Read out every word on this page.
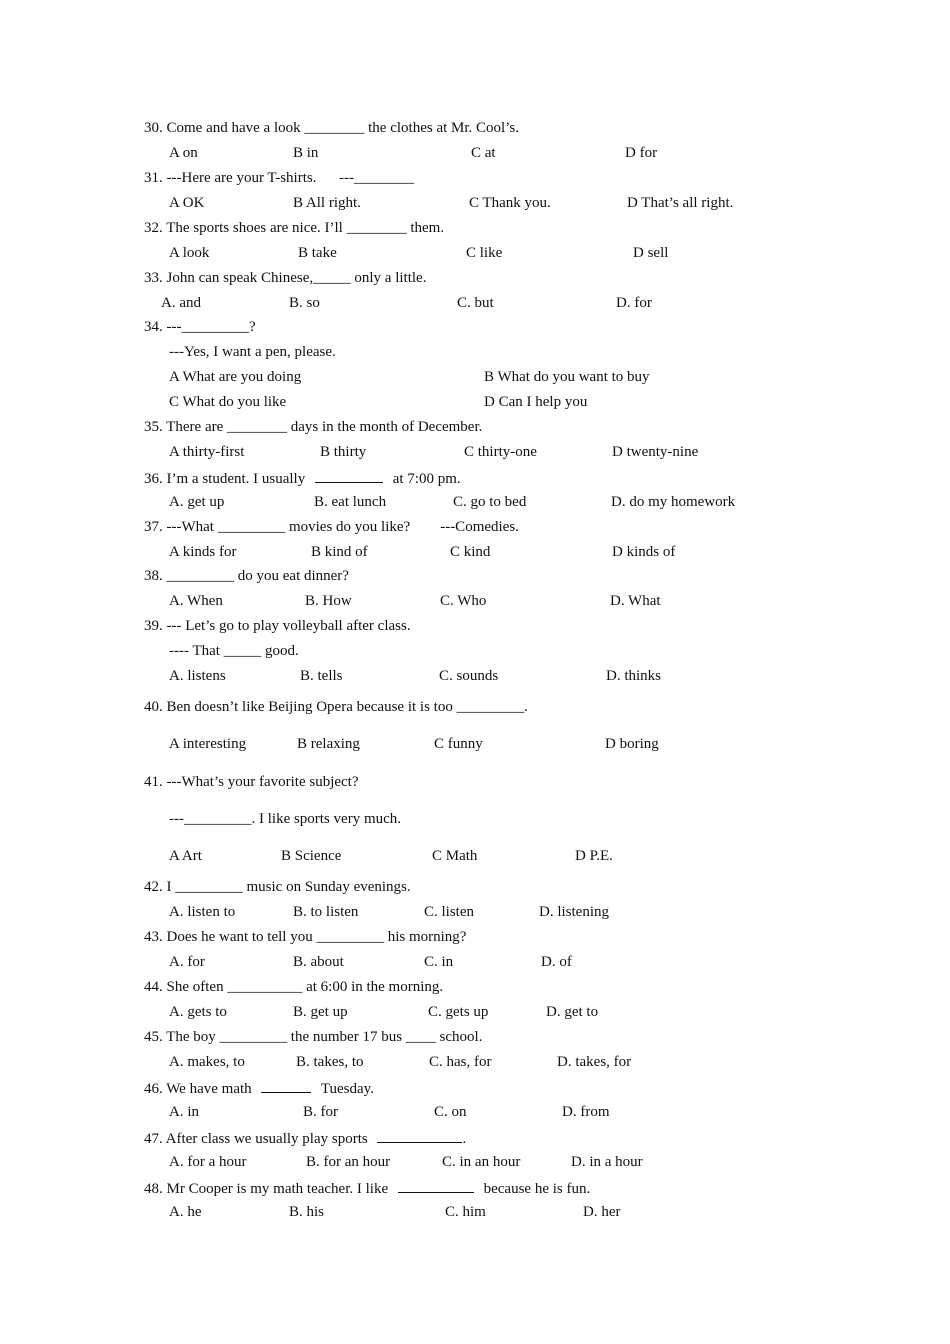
30. Come and have a look ________ the clothes at Mr. Cool’s.
A on	B in	C at	D for
31. ---Here are your T-shirts.      ---________
A OK	B All right.	C Thank you.	D That’s all right.
32. The sports shoes are nice. I’ll ________ them.
A look	B take	C like	D sell
33. John can speak Chinese,_____ only a little.
A. and	B. so	C. but	D. for
34. ---_________?
---Yes, I want a pen, please.
A What are you doing	B What do you want to buy
C What do you like	D Can I help you
35. There are ________ days in the month of December.
A thirty-first	B thirty	C thirty-one	D twenty-nine
36. I’m a student. I usually	at 7:00 pm.
A. get up	B. eat lunch	C. go to bed	D. do my homework
37. ---What _________ movies do you like?        ---Comedies.
A kinds for	B kind of	C kind	D kinds of
38. _________ do you eat dinner?
A. When	B. How	C. Who	D. What
39. --- Let’s go to play volleyball after class.
---- That _____ good.
A. listens	B. tells	C. sounds	D. thinks
40. Ben doesn’t like Beijing Opera because it is too _________.
A interesting	B relaxing	C funny	D boring
41. ---What’s your favorite subject?
---_________. I like sports very much.
A Art	B Science	C Math	D P.E.
42. I _________ music on Sunday evenings.
A. listen to	B. to listen	C. listen	D. listening
43. Does he want to tell you _________ his morning?
A. for	B. about	C. in	D. of
44. She often __________ at 6:00 in the morning.
A. gets to	B. get up	C. gets up	D. get to
45. The boy _________ the number 17 bus ____ school.
A. makes, to	B. takes, to	C. has, for	D. takes, for
46. We have math	Tuesday.
A. in	B. for	C. on	D. from
47. After class we usually play sports	.
A. for a hour	B. for an hour	C. in an hour	D. in a hour
48. Mr Cooper is my math teacher. I like	because he is fun.
A. he	B. his	C. him	D. her
